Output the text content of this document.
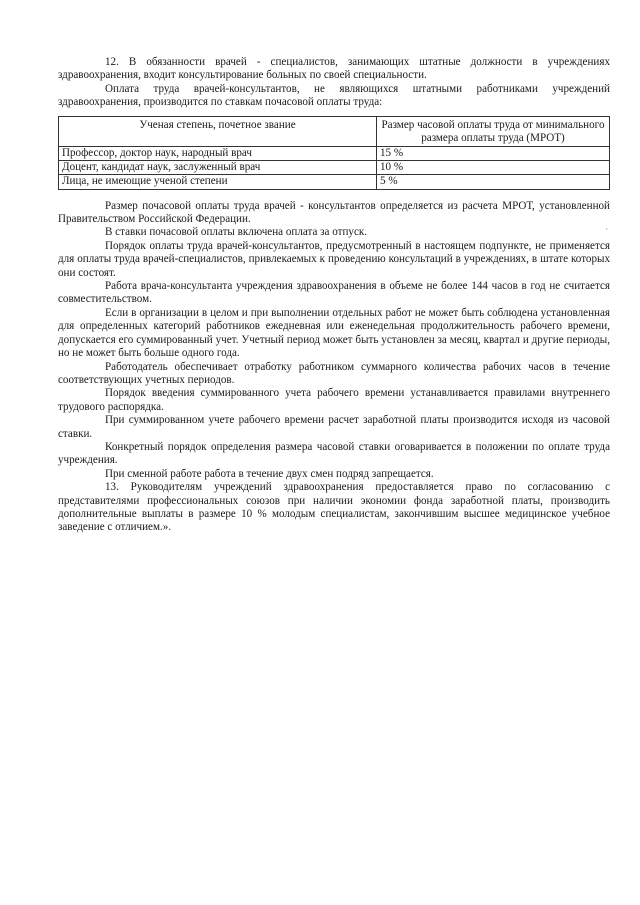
12. В обязанности врачей - специалистов, занимающих штатные должности в учреждениях здравоохранения, входит консультирование больных по своей специальности.

Оплата труда врачей-консультантов, не являющихся штатными работниками учреждений здравоохранения, производится по ставкам почасовой оплаты труда:

Ученая степень, почетное звание	Размер часовой оплаты труда от минимального размера оплаты труда (МРОТ)
Профессор, доктор наук, народный врач	15 %
Доцент, кандидат наук, заслуженный врач	10 %
Лица, не имеющие ученой степени	5 %

Размер почасовой оплаты труда врачей - консультантов определяется из расчета МРОТ, установленной Правительством Российской Федерации.

В ставки почасовой оплаты включена оплата за отпуск.

Порядок оплаты труда врачей-консультантов, предусмотренный в настоящем подпункте, не применяется для оплаты труда врачей-специалистов, привлекаемых к проведению консультаций в учреждениях, в штате которых они состоят.

Работа врача-консультанта учреждения здравоохранения в объеме не более 144 часов в год не считается совместительством.

Если в организации в целом и при выполнении отдельных работ не может быть соблюдена установленная для определенных категорий работников ежедневная или еженедельная продолжительность рабочего времени, допускается его суммированный учет. Учетный период может быть установлен за месяц, квартал и другие периоды, но не может быть больше одного года.

Работодатель обеспечивает отработку работником суммарного количества рабочих часов в течение соответствующих учетных периодов.

Порядок введения суммированного учета рабочего времени устанавливается правилами внутреннего трудового распорядка.

При суммированном учете рабочего времени расчет заработной платы производится исходя из часовой ставки.

Конкретный порядок определения размера часовой ставки оговаривается в положении по оплате труда учреждения.

При сменной работе работа в течение двух смен подряд запрещается.

13. Руководителям учреждений здравоохранения предоставляется право по согласованию с представителями профессиональных союзов при наличии экономии фонда заработной платы, производить дополнительные выплаты в размере 10 % молодым специалистам, закончившим высшее медицинское учебное заведение с отличием.».

·
